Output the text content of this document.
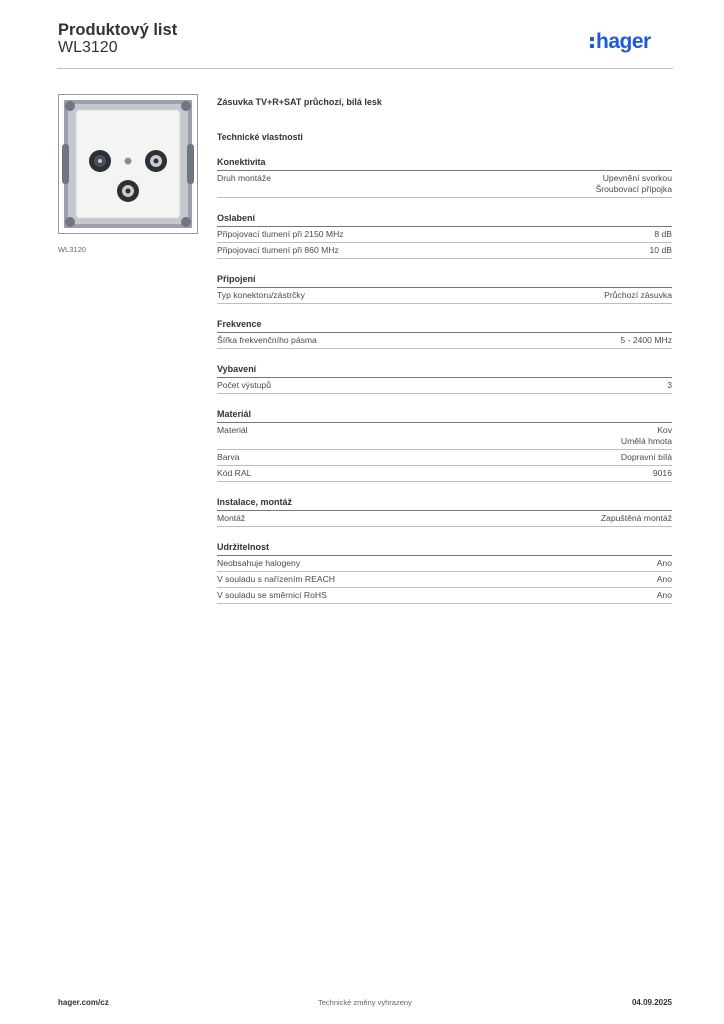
Produktový list
WL3120	hager
WL3120
Zásuvka TV+R+SAT průchozí, bílá lesk
Technické vlastnosti
Konektivita
Druh montáže	Upevnění svorkou
Šroubovací přípojka
Oslabení
Připojovací tlumení při 2150 MHz	8 dB
Připojovací tlumení při 860 MHz	10 dB
Připojení
Typ konektoru/zástrčky	Průchozí zásuvka
Frekvence
Šířka frekvenčního pásma	5 - 2400 MHz
Vybavení
Počet výstupů	3
Materiál
Materiál	Kov
Umělá hmota
Barva	Dopravní bílá
Kód RAL	9016
Instalace, montáž
Montáž	Zapuštěná montáž
Udržitelnost
Neobsahuje halogeny	Ano
V souladu s nařízením REACH	Ano
V souladu se směrnicí RoHS	Ano
hager.com/cz	Technické změny vyhrazeny	04.09.2025
